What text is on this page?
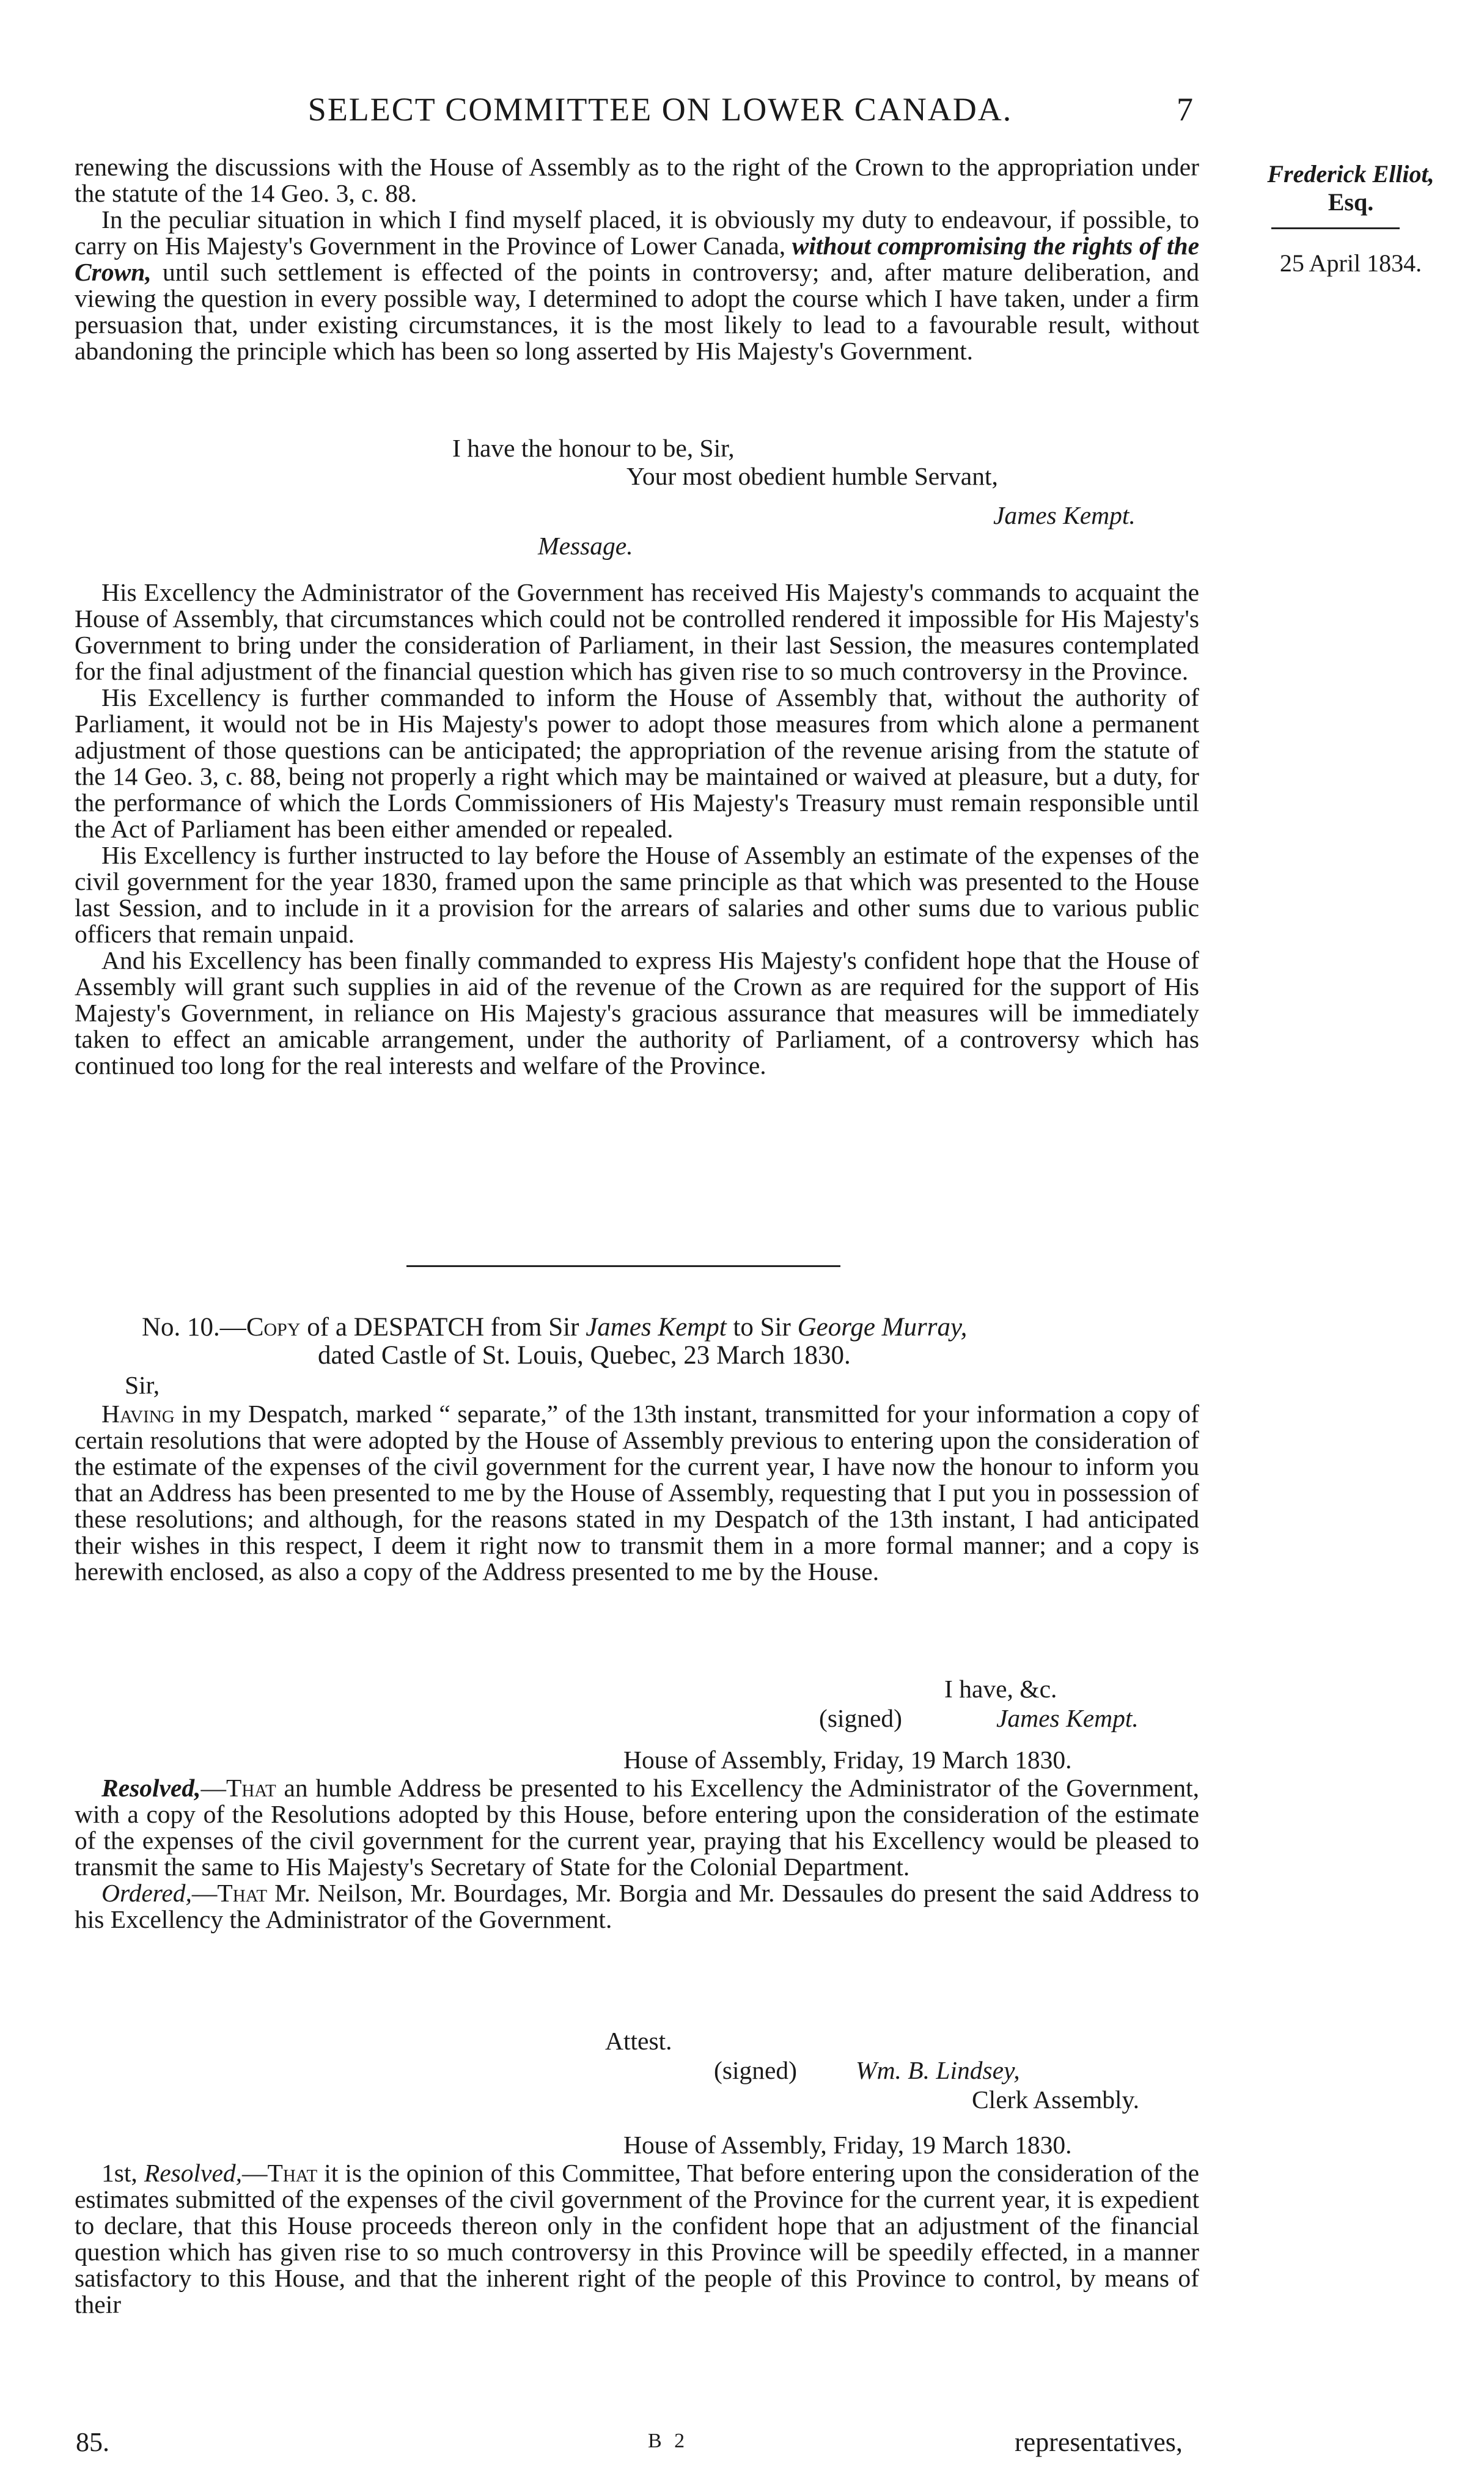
SELECT COMMITTEE ON LOWER CANADA.	7
Frederick Elliot,
Esq.
25 April 1834.

renewing the discussions with the House of Assembly as to the right of the Crown to the appropriation under the statute of the 14 Geo. 3, c. 88.

In the peculiar situation in which I find myself placed, it is obviously my duty to endeavour, if possible, to carry on His Majesty's Government in the Province of Lower Canada, without compromising the rights of the Crown, until such settlement is effected of the points in controversy; and, after mature deliberation, and viewing the question in every possible way, I determined to adopt the course which I have taken, under a firm persuasion that, under existing circumstances, it is the most likely to lead to a favourable result, without abandoning the principle which has been so long asserted by His Majesty's Government.

I have the honour to be, Sir,
Your most obedient humble Servant,
James Kempt.
Message.

His Excellency the Administrator of the Government has received His Majesty's commands to acquaint the House of Assembly, that circumstances which could not be controlled rendered it impossible for His Majesty's Government to bring under the consideration of Parliament, in their last Session, the measures contemplated for the final adjustment of the financial question which has given rise to so much controversy in the Province.

His Excellency is further commanded to inform the House of Assembly that, without the authority of Parliament, it would not be in His Majesty's power to adopt those measures from which alone a permanent adjustment of those questions can be anticipated; the appropriation of the revenue arising from the statute of the 14 Geo. 3, c. 88, being not properly a right which may be maintained or waived at pleasure, but a duty, for the performance of which the Lords Commissioners of His Majesty's Treasury must remain responsible until the Act of Parliament has been either amended or repealed.

His Excellency is further instructed to lay before the House of Assembly an estimate of the expenses of the civil government for the year 1830, framed upon the same principle as that which was presented to the House last Session, and to include in it a provision for the arrears of salaries and other sums due to various public officers that remain unpaid.

And his Excellency has been finally commanded to express His Majesty's confident hope that the House of Assembly will grant such supplies in aid of the revenue of the Crown as are required for the support of His Majesty's Government, in reliance on His Majesty's gracious assurance that measures will be immediately taken to effect an amicable arrangement, under the authority of Parliament, of a controversy which has continued too long for the real interests and welfare of the Province.

No. 10.—Copy of a DESPATCH from Sir James Kempt to Sir George Murray,
dated Castle of St. Louis, Quebec, 23 March 1830.
Sir,

Having in my Despatch, marked “ separate,” of the 13th instant, transmitted for your information a copy of certain resolutions that were adopted by the House of Assembly previous to entering upon the consideration of the estimate of the expenses of the civil government for the current year, I have now the honour to inform you that an Address has been presented to me by the House of Assembly, requesting that I put you in possession of these resolutions; and although, for the reasons stated in my Despatch of the 13th instant, I had anticipated their wishes in this respect, I deem it right now to transmit them in a more formal manner; and a copy is herewith enclosed, as also a copy of the Address presented to me by the House.

I have, &c.
(signed)	James Kempt.
House of Assembly, Friday, 19 March 1830.

Resolved,—That an humble Address be presented to his Excellency the Administrator of the Government, with a copy of the Resolutions adopted by this House, before entering upon the consideration of the estimate of the expenses of the civil government for the current year, praying that his Excellency would be pleased to transmit the same to His Majesty's Secretary of State for the Colonial Department.

Ordered,—That Mr. Neilson, Mr. Bourdages, Mr. Borgia and Mr. Dessaules do present the said Address to his Excellency the Administrator of the Government.

Attest.
(signed) Wm. B. Lindsey,
Clerk Assembly.
House of Assembly, Friday, 19 March 1830.

1st, Resolved,—That it is the opinion of this Committee, That before entering upon the consideration of the estimates submitted of the expenses of the civil government of the Province for the current year, it is expedient to declare, that this House proceeds thereon only in the confident hope that an adjustment of the financial question which has given rise to so much controversy in this Province will be speedily effected, in a manner satisfactory to this House, and that the inherent right of the people of this Province to control, by means of their

85.	B 2	representatives,
